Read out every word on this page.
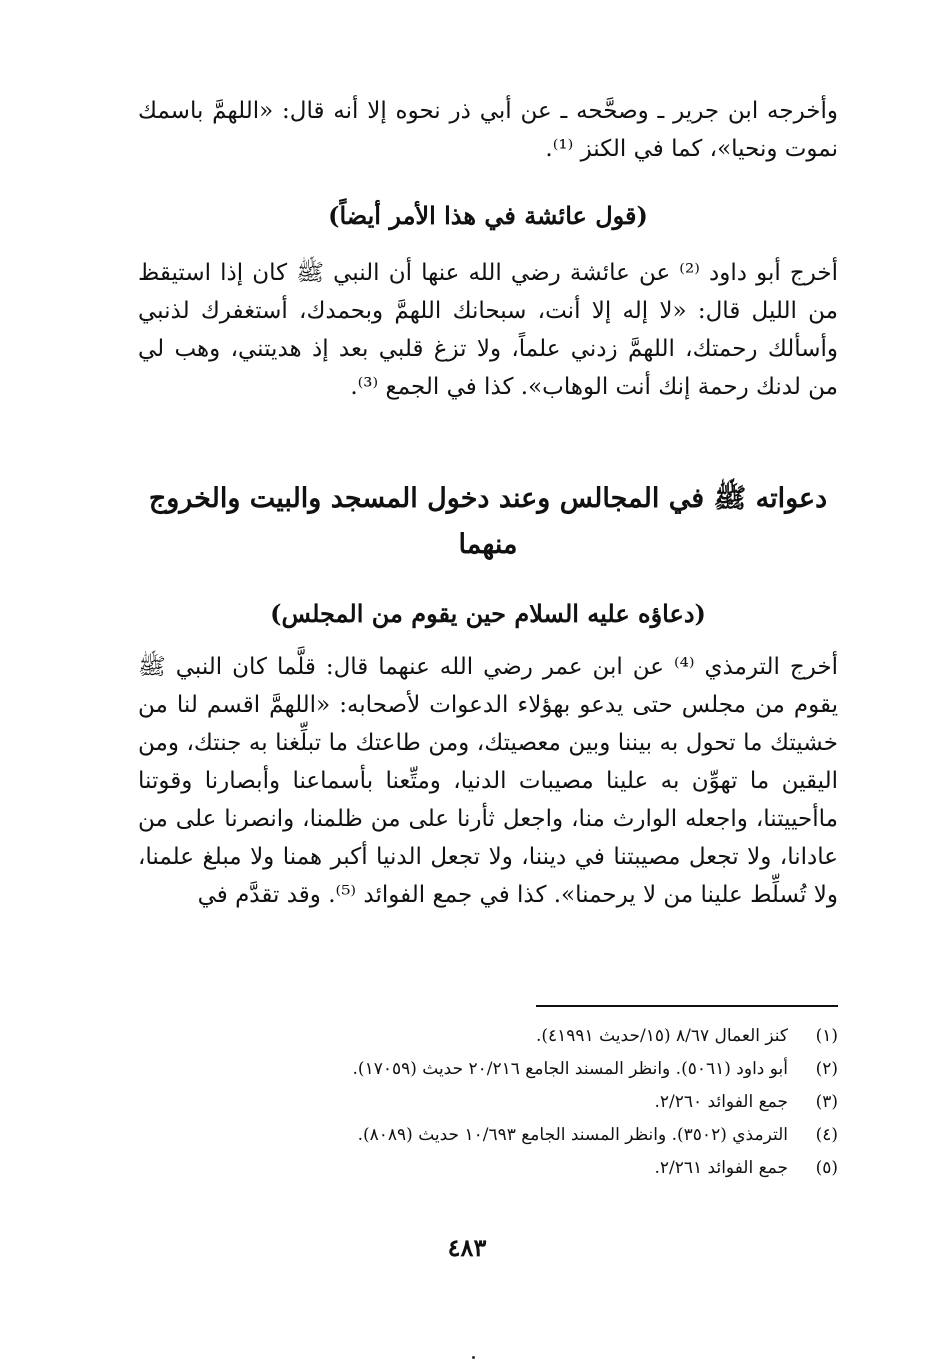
وأخرجه ابن جرير ـ وصحَّحه ـ عن أبي ذر نحوه إلا أنه قال: «اللهمَّ باسمك نموت ونحيا»، كما في الكنز ⁽¹⁾.

(قول عائشة في هذا الأمر أيضاً)

أخرج أبو داود ⁽²⁾ عن عائشة رضي الله عنها أن النبي ﷺ كان إذا استيقظ من الليل قال: «لا إله إلا أنت، سبحانك اللهمَّ وبحمدك، أستغفرك لذنبي وأسألك رحمتك، اللهمَّ زدني علماً، ولا تزغ قلبي بعد إذ هديتني، وهب لي من لدنك رحمة إنك أنت الوهاب». كذا في الجمع ⁽³⁾.

دعواته ﷺ في المجالس وعند دخول المسجد والبيت والخروج منهما
(دعاؤه عليه السلام حين يقوم من المجلس)

أخرج الترمذي ⁽⁴⁾ عن ابن عمر رضي الله عنهما قال: قلَّما كان النبي ﷺ يقوم من مجلس حتى يدعو بهؤلاء الدعوات لأصحابه: «اللهمَّ اقسم لنا من خشيتك ما تحول به بيننا وبين معصيتك، ومن طاعتك ما تبلِّغنا به جنتك، ومن اليقين ما تهوِّن به علينا مصيبات الدنيا، ومتِّعنا بأسماعنا وأبصارنا وقوتنا ماأحييتنا، واجعله الوارث منا، واجعل ثأرنا على من ظلمنا، وانصرنا على من عادانا، ولا تجعل مصيبتنا في ديننا، ولا تجعل الدنيا أكبر همنا ولا مبلغ علمنا، ولا تُسلِّط علينا من لا يرحمنا». كذا في جمع الفوائد ⁽⁵⁾. وقد تقدَّم في

(١)
كنز العمال ٨/٦٧ (١٥/حديث ٤١٩٩١).
(٢)
أبو داود (٥٠٦١). وانظر المسند الجامع ٢٠/٢١٦ حديث (١٧٠٥٩).
(٣)
جمع الفوائد ٢/٢٦٠.
(٤)
الترمذي (٣٥٠٢). وانظر المسند الجامع ١٠/٦٩٣ حديث (٨٠٨٩).
(٥)
جمع الفوائد ٢/٢٦١.
٤٨٣
